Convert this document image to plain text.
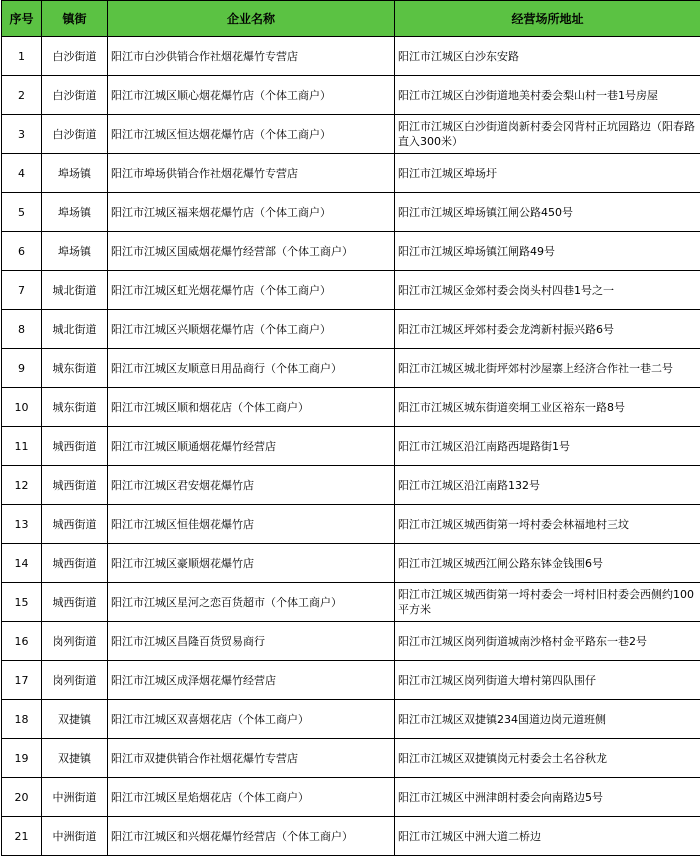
序号	镇街	企业名称	经营场所地址
1	白沙街道	阳江市白沙供销合作社烟花爆竹专营店	阳江市江城区白沙东安路
2	白沙街道	阳江市江城区顺心烟花爆竹店（个体工商户）	阳江市江城区白沙街道地美村委会梨山村一巷1号房屋
3	白沙街道	阳江市江城区恒达烟花爆竹店（个体工商户）	阳江市江城区白沙街道岗新村委会冈背村正坑园路边（阳春路直入300米）
4	埠场镇	阳江市埠场供销合作社烟花爆竹专营店	阳江市江城区埠场圩
5	埠场镇	阳江市江城区福来烟花爆竹店（个体工商户）	阳江市江城区埠场镇江闸公路450号
6	埠场镇	阳江市江城区国威烟花爆竹经营部（个体工商户）	阳江市江城区埠场镇江闸路49号
7	城北街道	阳江市江城区虹光烟花爆竹店（个体工商户）	阳江市江城区金郊村委会岗头村四巷1号之一
8	城北街道	阳江市江城区兴顺烟花爆竹店（个体工商户）	阳江市江城区坪郊村委会龙湾新村振兴路6号
9	城东街道	阳江市江城区友顺意日用品商行（个体工商户）	阳江市江城区城北街坪郊村沙屋寨上经济合作社一巷二号
10	城东街道	阳江市江城区顺和烟花店（个体工商户）	阳江市江城区城东街道奕垌工业区裕东一路8号
11	城西街道	阳江市江城区顺通烟花爆竹经营店	阳江市江城区沿江南路西堤路街1号
12	城西街道	阳江市江城区君安烟花爆竹店	阳江市江城区沿江南路132号
13	城西街道	阳江市江城区恒佳烟花爆竹店	阳江市江城区城西街第一埒村委会林福地村三坟
14	城西街道	阳江市江城区豪顺烟花爆竹店	阳江市江城区城西江闸公路东钵金钱围6号
15	城西街道	阳江市江城区星河之恋百货超市（个体工商户）	阳江市江城区城西街第一埒村委会一埒村旧村委会西侧约100平方米
16	岗列街道	阳江市江城区昌隆百货贸易商行	阳江市江城区岗列街道城南沙格村金平路东一巷2号
17	岗列街道	阳江市江城区成泽烟花爆竹经营店	阳江市江城区岗列街道大增村第四队围仔
18	双捷镇	阳江市江城区双喜烟花店（个体工商户）	阳江市江城区双捷镇234国道边岗元道班侧
19	双捷镇	阳江市双捷供销合作社烟花爆竹专营店	阳江市江城区双捷镇岗元村委会土名谷秋龙
20	中洲街道	阳江市江城区星焰烟花店（个体工商户）	阳江市江城区中洲津朗村委会向南路边5号
21	中洲街道	阳江市江城区和兴烟花爆竹经营店（个体工商户）	阳江市江城区中洲大道二桥边
